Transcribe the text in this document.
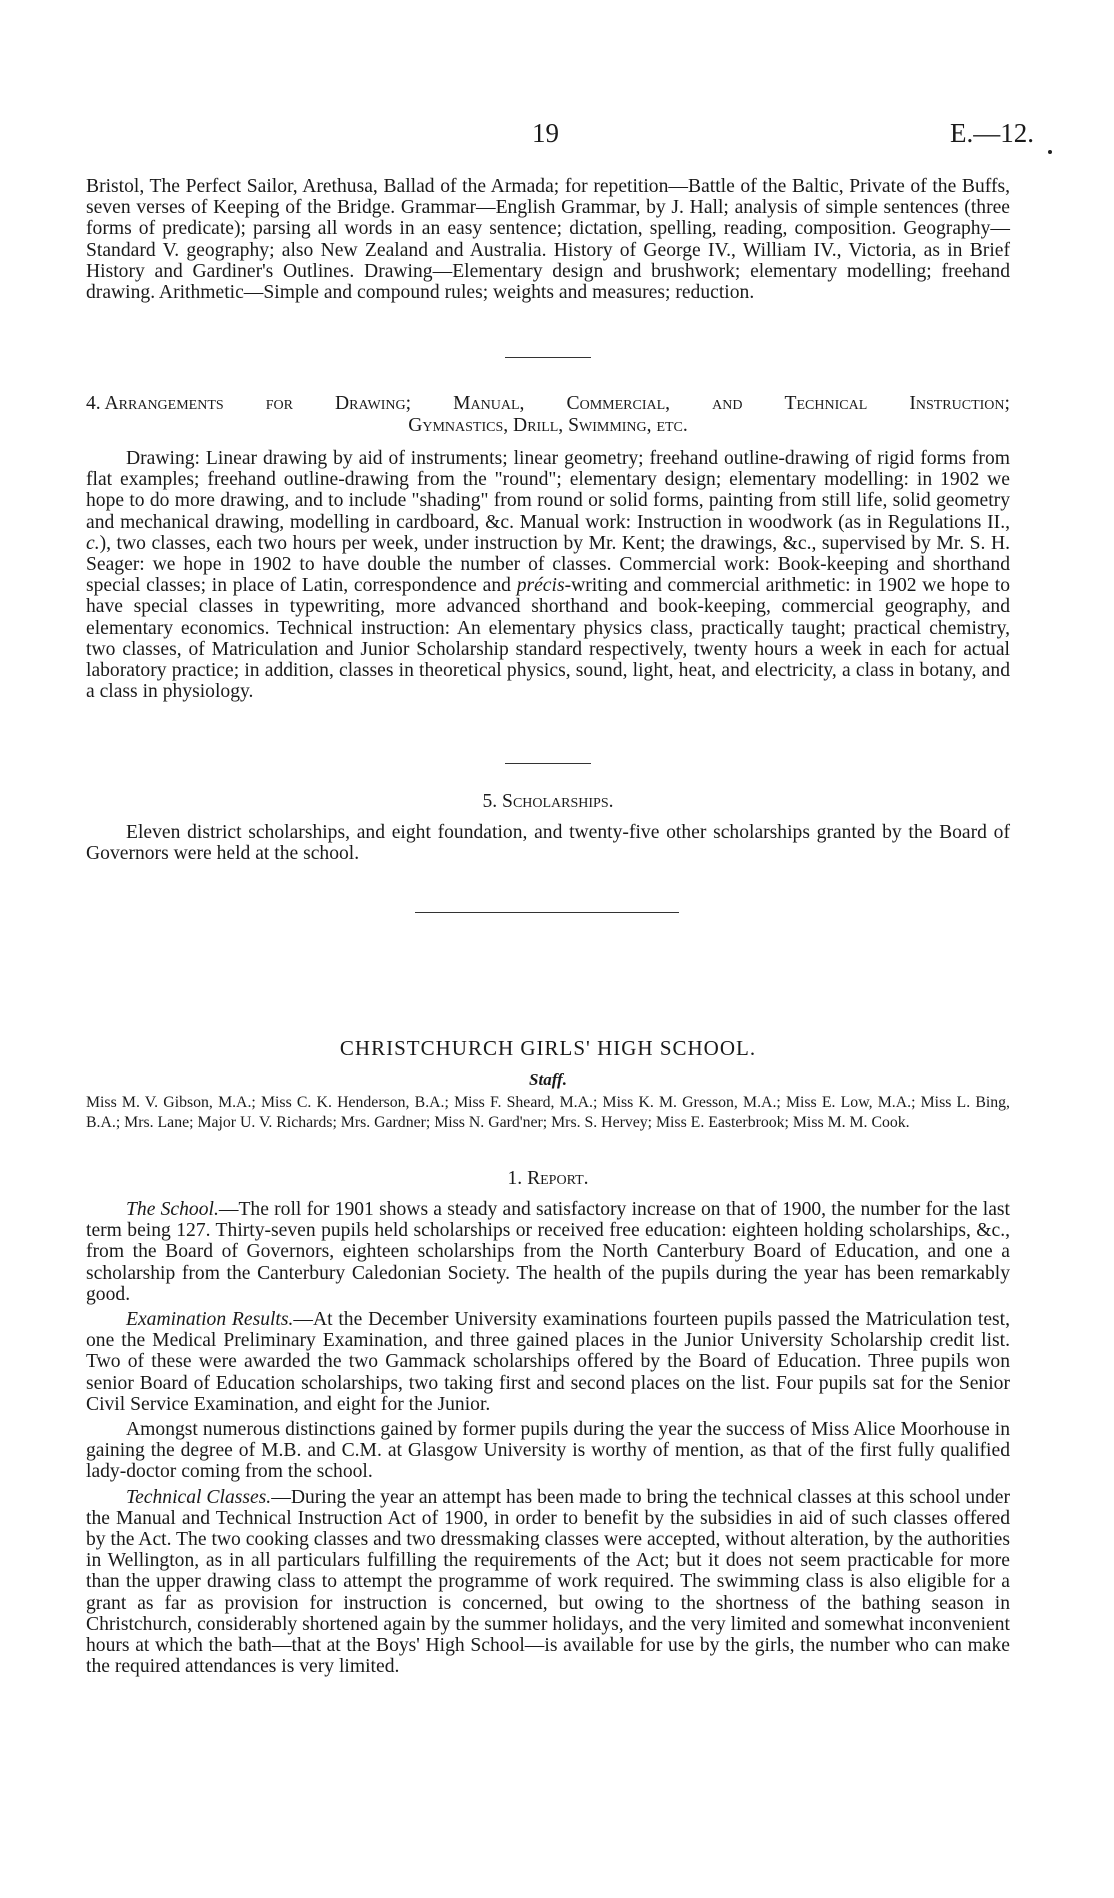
19	E.—12.

Bristol, The Perfect Sailor, Arethusa, Ballad of the Armada; for repetition—Battle of the Baltic, Private of the Buffs, seven verses of Keeping of the Bridge. Grammar—English Grammar, by J. Hall; analysis of simple sentences (three forms of predicate); parsing all words in an easy sentence; dictation, spelling, reading, composition. Geography—Standard V. geography; also New Zealand and Australia. History of George IV., William IV., Victoria, as in Brief History and Gardiner's Outlines. Drawing—Elementary design and brushwork; elementary modelling; freehand drawing. Arithmetic—Simple and compound rules; weights and measures; reduction.

4. Arrangements for Drawing; Manual, Commercial, and Technical Instruction;
Gymnastics, Drill, Swimming, etc.

Drawing: Linear drawing by aid of instruments; linear geometry; freehand outline-drawing of rigid forms from flat examples; freehand outline-drawing from the "round"; elementary design; elementary modelling: in 1902 we hope to do more drawing, and to include "shading" from round or solid forms, painting from still life, solid geometry and mechanical drawing, modelling in cardboard, &c. Manual work: Instruction in woodwork (as in Regulations II., c.), two classes, each two hours per week, under instruction by Mr. Kent; the drawings, &c., supervised by Mr. S. H. Seager: we hope in 1902 to have double the number of classes. Commercial work: Book-keeping and shorthand special classes; in place of Latin, correspondence and précis-writing and commercial arithmetic: in 1902 we hope to have special classes in typewriting, more advanced shorthand and book-keeping, commercial geography, and elementary economics. Technical instruction: An elementary physics class, practically taught; practical chemistry, two classes, of Matriculation and Junior Scholarship standard respectively, twenty hours a week in each for actual laboratory practice; in addition, classes in theoretical physics, sound, light, heat, and electricity, a class in botany, and a class in physiology.

5. Scholarships.

Eleven district scholarships, and eight foundation, and twenty-five other scholarships granted by the Board of Governors were held at the school.

CHRISTCHURCH GIRLS' HIGH SCHOOL.
Staff.

Miss M. V. Gibson, M.A.; Miss C. K. Henderson, B.A.; Miss F. Sheard, M.A.; Miss K. M. Gresson, M.A.; Miss E. Low, M.A.; Miss L. Bing, B.A.; Mrs. Lane; Major U. V. Richards; Mrs. Gardner; Miss N. Gard'ner; Mrs. S. Hervey; Miss E. Easterbrook; Miss M. M. Cook.

1. Report.

The School.—The roll for 1901 shows a steady and satisfactory increase on that of 1900, the number for the last term being 127. Thirty-seven pupils held scholarships or received free education: eighteen holding scholarships, &c., from the Board of Governors, eighteen scholarships from the North Canterbury Board of Education, and one a scholarship from the Canterbury Caledonian Society. The health of the pupils during the year has been remarkably good.

Examination Results.—At the December University examinations fourteen pupils passed the Matriculation test, one the Medical Preliminary Examination, and three gained places in the Junior University Scholarship credit list. Two of these were awarded the two Gammack scholarships offered by the Board of Education. Three pupils won senior Board of Education scholarships, two taking first and second places on the list. Four pupils sat for the Senior Civil Service Examination, and eight for the Junior.

Amongst numerous distinctions gained by former pupils during the year the success of Miss Alice Moorhouse in gaining the degree of M.B. and C.M. at Glasgow University is worthy of mention, as that of the first fully qualified lady-doctor coming from the school.

Technical Classes.—During the year an attempt has been made to bring the technical classes at this school under the Manual and Technical Instruction Act of 1900, in order to benefit by the subsidies in aid of such classes offered by the Act. The two cooking classes and two dressmaking classes were accepted, without alteration, by the authorities in Wellington, as in all particulars fulfilling the requirements of the Act; but it does not seem practicable for more than the upper drawing class to attempt the programme of work required. The swimming class is also eligible for a grant as far as provision for instruction is concerned, but owing to the shortness of the bathing season in Christchurch, considerably shortened again by the summer holidays, and the very limited and somewhat inconvenient hours at which the bath—that at the Boys' High School—is available for use by the girls, the number who can make the required attendances is very limited.
